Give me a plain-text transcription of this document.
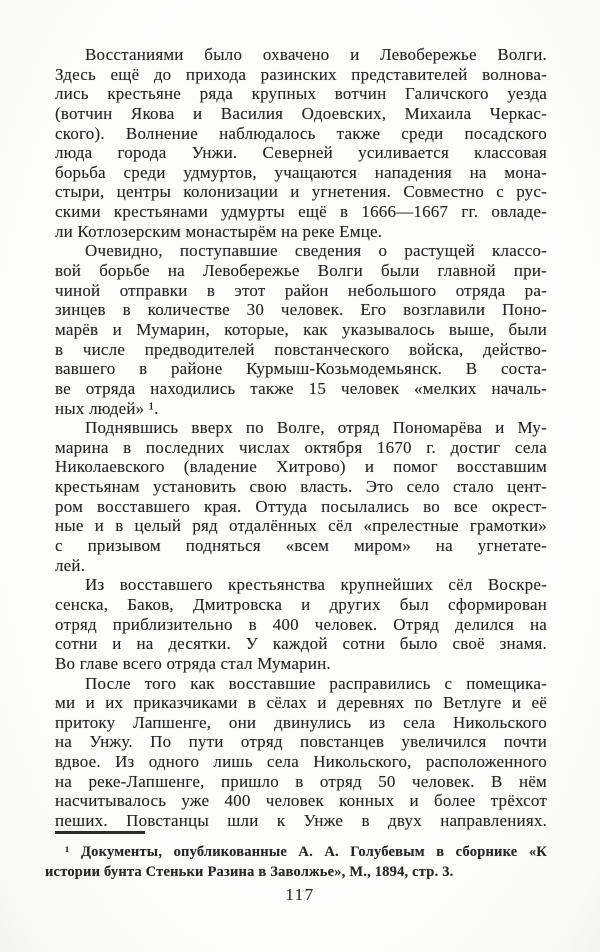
Восстаниями было охвачено и Левобережье Волги.
Здесь ещё до прихода разинских представителей волнова-
лись крестьяне ряда крупных вотчин Галичского уезда
(вотчин Якова и Василия Одоевских, Михаила Черкас-
ского). Волнение наблюдалось также среди посадского
люда города Унжи. Северней усиливается классовая
борьба среди удмуртов, учащаются нападения на мона-
стыри, центры колонизации и угнетения. Совместно с рус-
скими крестьянами удмурты ещё в 1666—1667 гг. овладе-
ли Котлозерским монастырём на реке Емце.
Очевидно, поступавшие сведения о растущей классо-
вой борьбе на Левобережье Волги были главной при-
чиной отправки в этот район небольшого отряда ра-
зинцев в количестве 30 человек. Его возглавили Поно-
марёв и Мумарин, которые, как указывалось выше, были
в числе предводителей повстанческого войска, действо-
вавшего в районе Курмыш-Козьмодемьянск. В соста-
ве отряда находились также 15 человек «мелких началь-
ных людей» ¹.
Поднявшись вверх по Волге, отряд Пономарёва и Му-
марина в последних числах октября 1670 г. достиг села
Николаевского (владение Хитрово) и помог восставшим
крестьянам установить свою власть. Это село стало цент-
ром восставшего края. Оттуда посылались во все окрест-
ные и в целый ряд отдалённых сёл «прелестные грамотки»
с призывом подняться «всем миром» на угнетате-
лей.
Из восставшего крестьянства крупнейших сёл Воскре-
сенска, Баков, Дмитровска и других был сформирован
отряд приблизительно в 400 человек. Отряд делился на
сотни и на десятки. У каждой сотни было своё знамя.
Во главе всего отряда стал Мумарин.
После того как восставшие расправились с помещика-
ми и их приказчиками в сёлах и деревнях по Ветлуге и её
притоку Лапшенге, они двинулись из села Никольского
на Унжу. По пути отряд повстанцев увеличился почти
вдвое. Из одного лишь села Никольского, расположенного
на реке-Лапшенге, пришло в отряд 50 человек. В нём
насчитывалось уже 400 человек конных и более трёхсот
пеших. Повстанцы шли к Унже в двух направлениях.
¹ Документы, опубликованные А. А. Голубевым в сборнике «К
истории бунта Стеньки Разина в Заволжье», М., 1894, стр. 3.
117
